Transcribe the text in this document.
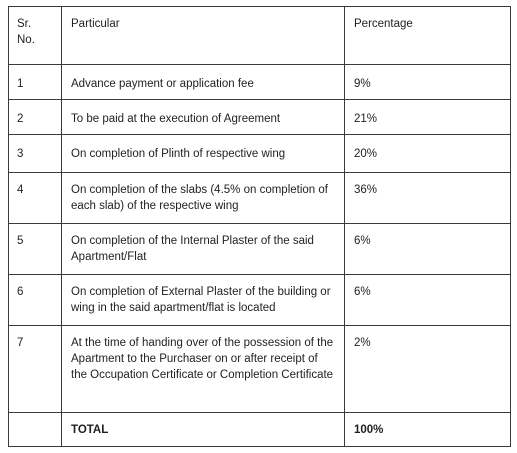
Sr. No.	Particular	Percentage
1	Advance payment or application fee	9%
2	To be paid at the execution of Agreement	21%
3	On completion of Plinth of respective wing	20%
4	On completion of the slabs (4.5% on completion of each slab) of the respective wing	36%
5	On completion of the Internal Plaster of the said Apartment/Flat	6%
6	On completion of External Plaster of the building or wing in the said apartment/flat is located	6%
7	At the time of handing over of the possession of the Apartment to the Purchaser on or after receipt of the Occupation Certificate or Completion Certificate	2%
	TOTAL	100%
